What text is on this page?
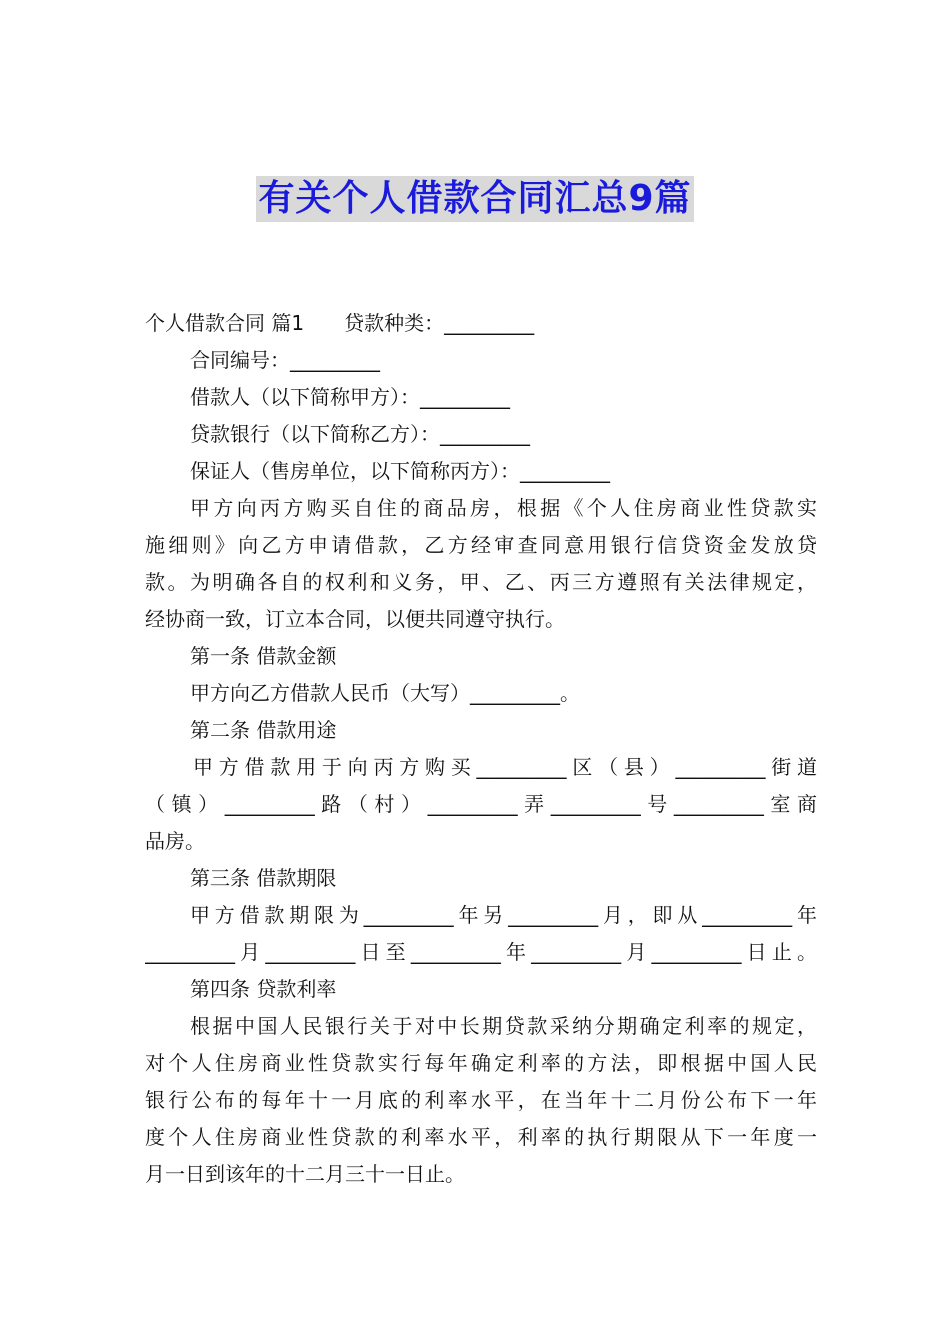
有关个人借款合同汇总9篇
个人借款合同 篇1 贷款种类：_________
合同编号：_________
借款人（以下简称甲方）：_________
贷款银行（以下简称乙方）：_________
保证人（售房单位，以下简称丙方）：_________
甲方向丙方购买自住的商品房，根据《个人住房商业性贷款实
施细则》向乙方申请借款，乙方经审查同意用银行信贷资金发放贷
款。为明确各自的权利和义务，甲、乙、丙三方遵照有关法律规定，
经协商一致，订立本合同，以便共同遵守执行。
第一条 借款金额
甲方向乙方借款人民币（大写）_________。
第二条 借款用途
甲方借款用于向丙方购买_________区（县）_________街道
（镇）_________路（村）_________弄_________号_________室商
品房。
第三条 借款期限
甲方借款期限为_________年另_________月，即从_________年
_________月_________日至_________年_________月_________日止。
第四条 贷款利率
根据中国人民银行关于对中长期贷款采纳分期确定利率的规定，
对个人住房商业性贷款实行每年确定利率的方法，即根据中国人民
银行公布的每年十一月底的利率水平，在当年十二月份公布下一年
度个人住房商业性贷款的利率水平，利率的执行期限从下一年度一
月一日到该年的十二月三十一日止。
